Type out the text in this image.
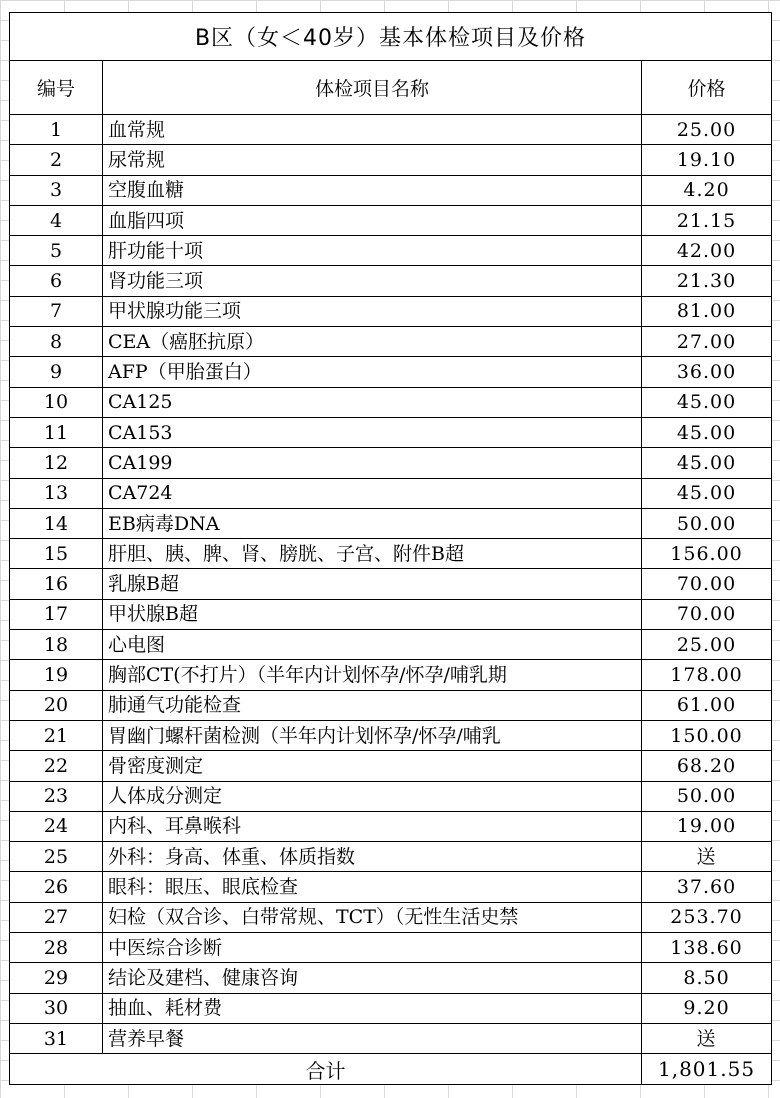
B区（女＜40岁）基本体检项目及价格		
编号	体检项目名称	价格
1	血常规	25.00
2	尿常规	19.10
3	空腹血糖	4.20
4	血脂四项	21.15
5	肝功能十项	42.00
6	肾功能三项	21.30
7	甲状腺功能三项	81.00
8	CEA（癌胚抗原）	27.00
9	AFP（甲胎蛋白）	36.00
10	CA125	45.00
11	CA153	45.00
12	CA199	45.00
13	CA724	45.00
14	EB病毒DNA	50.00
15	肝胆、胰、脾、肾、膀胱、子宫、附件B超	156.00
16	乳腺B超	70.00
17	甲状腺B超	70.00
18	心电图	25.00
19	胸部CT(不打片）（半年内计划怀孕/怀孕/哺乳期	178.00
20	肺通气功能检查	61.00
21	胃幽门螺杆菌检测（半年内计划怀孕/怀孕/哺乳	150.00
22	骨密度测定	68.20
23	人体成分测定	50.00
24	内科、耳鼻喉科	19.00
25	外科：身高、体重、体质指数	送
26	眼科：眼压、眼底检查	37.60
27	妇检（双合诊、白带常规、TCT）（无性生活史禁	253.70
28	中医综合诊断	138.60
29	结论及建档、健康咨询	8.50
30	抽血、耗材费	9.20
31	营养早餐	送
合计		1,801.55
